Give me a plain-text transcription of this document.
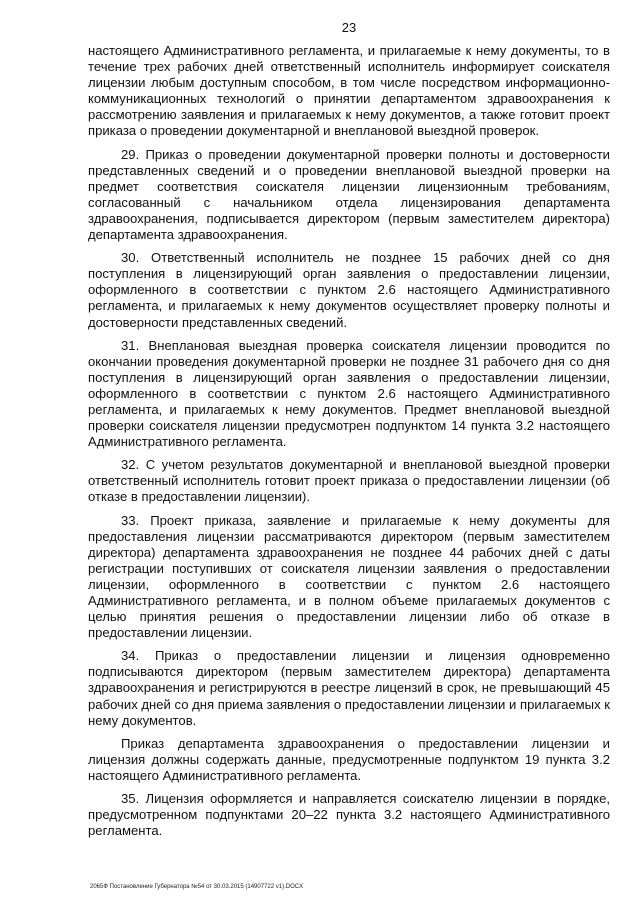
23

настоящего Административного регламента, и прилагаемые к нему документы, то в течение трех рабочих дней ответственный исполнитель информирует соискателя лицензии любым доступным способом, в том числе посредством информационно-коммуникационных технологий о принятии департаментом здравоохранения к рассмотрению заявления и прилагаемых к нему документов, а также готовит проект приказа о проведении документарной и внеплановой выездной проверок.

29. Приказ о проведении документарной проверки полноты и достоверности представленных сведений и о проведении внеплановой выездной проверки на предмет соответствия соискателя лицензии лицензионным требованиям, согласованный с начальником отдела лицензирования департамента здравоохранения, подписывается директором (первым заместителем директора) департамента здравоохранения.

30. Ответственный исполнитель не позднее 15 рабочих дней со дня поступления в лицензирующий орган заявления о предоставлении лицензии, оформленного в соответствии с пунктом 2.6 настоящего Административного регламента, и прилагаемых к нему документов осуществляет проверку полноты и достоверности представленных сведений.

31. Внеплановая выездная проверка соискателя лицензии проводится по окончании проведения документарной проверки не позднее 31 рабочего дня со дня поступления в лицензирующий орган заявления о предоставлении лицензии, оформленного в соответствии с пунктом 2.6 настоящего Административного регламента, и прилагаемых к нему документов. Предмет внеплановой выездной проверки соискателя лицензии предусмотрен подпунктом 14 пункта 3.2 настоящего Административного регламента.

32. С учетом результатов документарной и внеплановой выездной проверки ответственный исполнитель готовит проект приказа о предоставлении лицензии (об отказе в предоставлении лицензии).

33. Проект приказа, заявление и прилагаемые к нему документы для предоставления лицензии рассматриваются директором (первым заместителем директора) департамента здравоохранения не позднее 44 рабочих дней с даты регистрации поступивших от соискателя лицензии заявления о предоставлении лицензии, оформленного в соответствии с пунктом 2.6 настоящего Административного регламента, и в полном объеме прилагаемых документов с целью принятия решения о предоставлении лицензии либо об отказе в предоставлении лицензии.

34. Приказ о предоставлении лицензии и лицензия одновременно подписываются директором (первым заместителем директора) департамента здравоохранения и регистрируются в реестре лицензий в срок, не превышающий 45 рабочих дней со дня приема заявления о предоставлении лицензии и прилагаемых к нему документов.

Приказ департамента здравоохранения о предоставлении лицензии и лицензия должны содержать данные, предусмотренные подпунктом 19 пункта 3.2 настоящего Административного регламента.

35. Лицензия оформляется и направляется соискателю лицензии в порядке, предусмотренном подпунктами 20–22 пункта 3.2 настоящего Административного регламента.

2065Ф Постановление Губернатора №54 от 30.03.2015 (14907722 v1).DOCX
